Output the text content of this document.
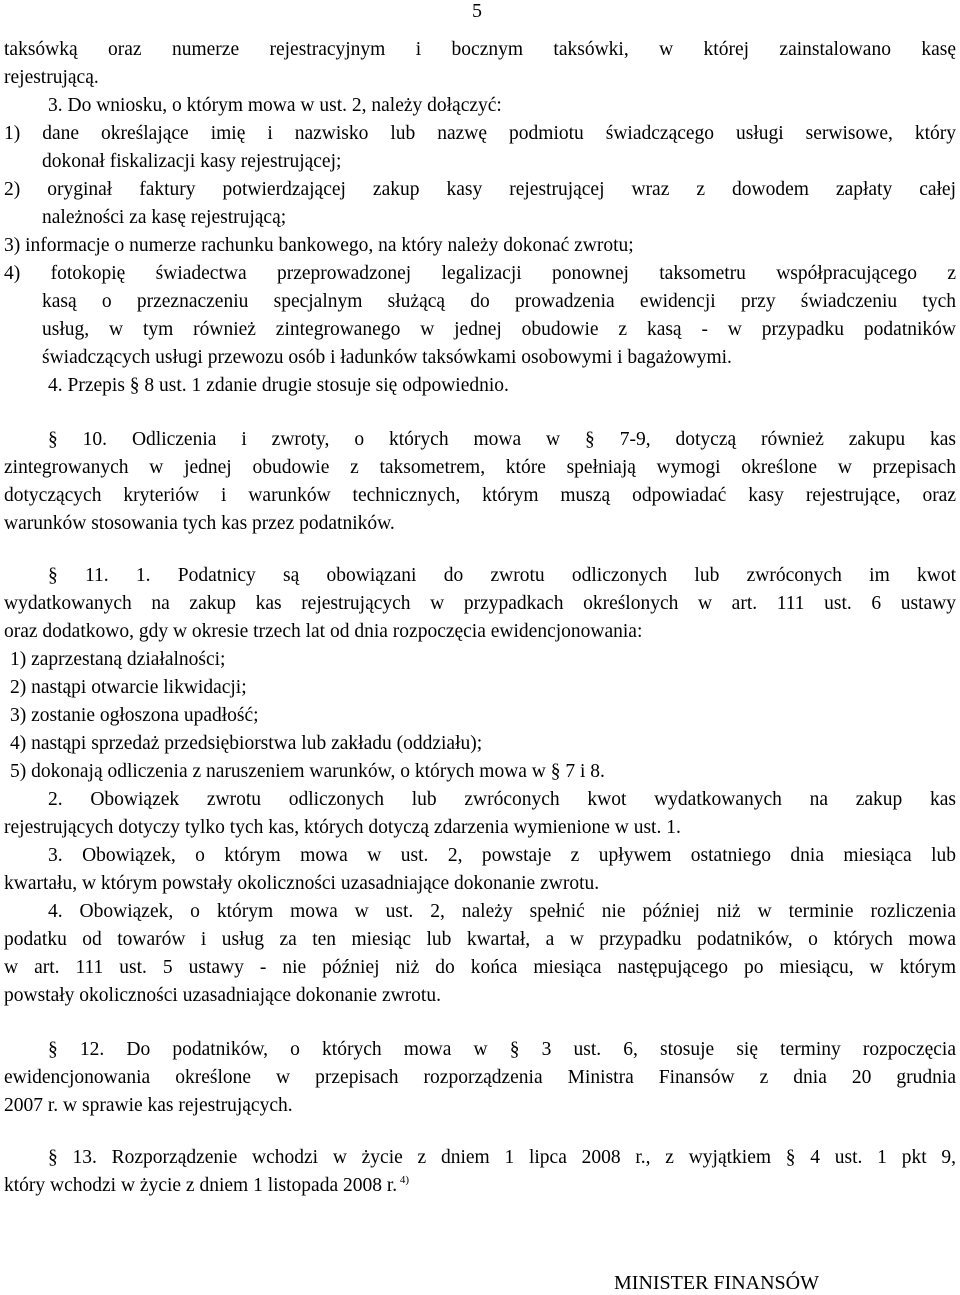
5
taksówką oraz numerze rejestracyjnym i bocznym taksówki, w której zainstalowano kasę
rejestrującą.
3. Do wniosku, o którym mowa w ust. 2, należy dołączyć:
1) dane określające imię i nazwisko lub nazwę podmiotu świadczącego usługi serwisowe, który
dokonał fiskalizacji kasy rejestrującej;
2) oryginał faktury potwierdzającej zakup kasy rejestrującej wraz z dowodem zapłaty całej
należności za kasę rejestrującą;
3) informacje o numerze rachunku bankowego, na który należy dokonać zwrotu;
4) fotokopię świadectwa przeprowadzonej legalizacji ponownej taksometru współpracującego z
kasą o przeznaczeniu specjalnym służącą do prowadzenia ewidencji przy świadczeniu tych
usług, w tym również zintegrowanego w jednej obudowie z kasą - w przypadku podatników
świadczących usługi przewozu osób i ładunków taksówkami osobowymi i bagażowymi.
4. Przepis § 8 ust. 1 zdanie drugie stosuje się odpowiednio.
§ 10. Odliczenia i zwroty, o których mowa w § 7-9, dotyczą również zakupu kas
zintegrowanych w jednej obudowie z taksometrem, które spełniają wymogi określone w przepisach
dotyczących kryteriów i warunków technicznych, którym muszą odpowiadać kasy rejestrujące, oraz
warunków stosowania tych kas przez podatników.
§ 11. 1. Podatnicy są obowiązani do zwrotu odliczonych lub zwróconych im kwot
wydatkowanych na zakup kas rejestrujących w przypadkach określonych w art. 111 ust. 6 ustawy
oraz dodatkowo, gdy w okresie trzech lat od dnia rozpoczęcia ewidencjonowania:
1) zaprzestaną działalności;
2) nastąpi otwarcie likwidacji;
3) zostanie ogłoszona upadłość;
4) nastąpi sprzedaż przedsiębiorstwa lub zakładu (oddziału);
5) dokonają odliczenia z naruszeniem warunków, o których mowa w § 7 i 8.
2. Obowiązek zwrotu odliczonych lub zwróconych kwot wydatkowanych na zakup kas
rejestrujących dotyczy tylko tych kas, których dotyczą zdarzenia wymienione w ust. 1.
3. Obowiązek, o którym mowa w ust. 2, powstaje z upływem ostatniego dnia miesiąca lub
kwartału, w którym powstały okoliczności uzasadniające dokonanie zwrotu.
4. Obowiązek, o którym mowa w ust. 2, należy spełnić nie później niż w terminie rozliczenia
podatku od towarów i usług za ten miesiąc lub kwartał, a w przypadku podatników, o których mowa
w art. 111 ust. 5 ustawy - nie później niż do końca miesiąca następującego po miesiącu, w którym
powstały okoliczności uzasadniające dokonanie zwrotu.
§ 12. Do podatników, o których mowa w § 3 ust. 6, stosuje się terminy rozpoczęcia
ewidencjonowania określone w przepisach rozporządzenia Ministra Finansów z dnia 20 grudnia
2007 r. w sprawie kas rejestrujących.
§ 13. Rozporządzenie wchodzi w życie z dniem 1 lipca 2008 r., z wyjątkiem § 4 ust. 1 pkt 9,
który wchodzi w życie z dniem 1 listopada 2008 r. $^{4)}$
MINISTER FINANSÓW
